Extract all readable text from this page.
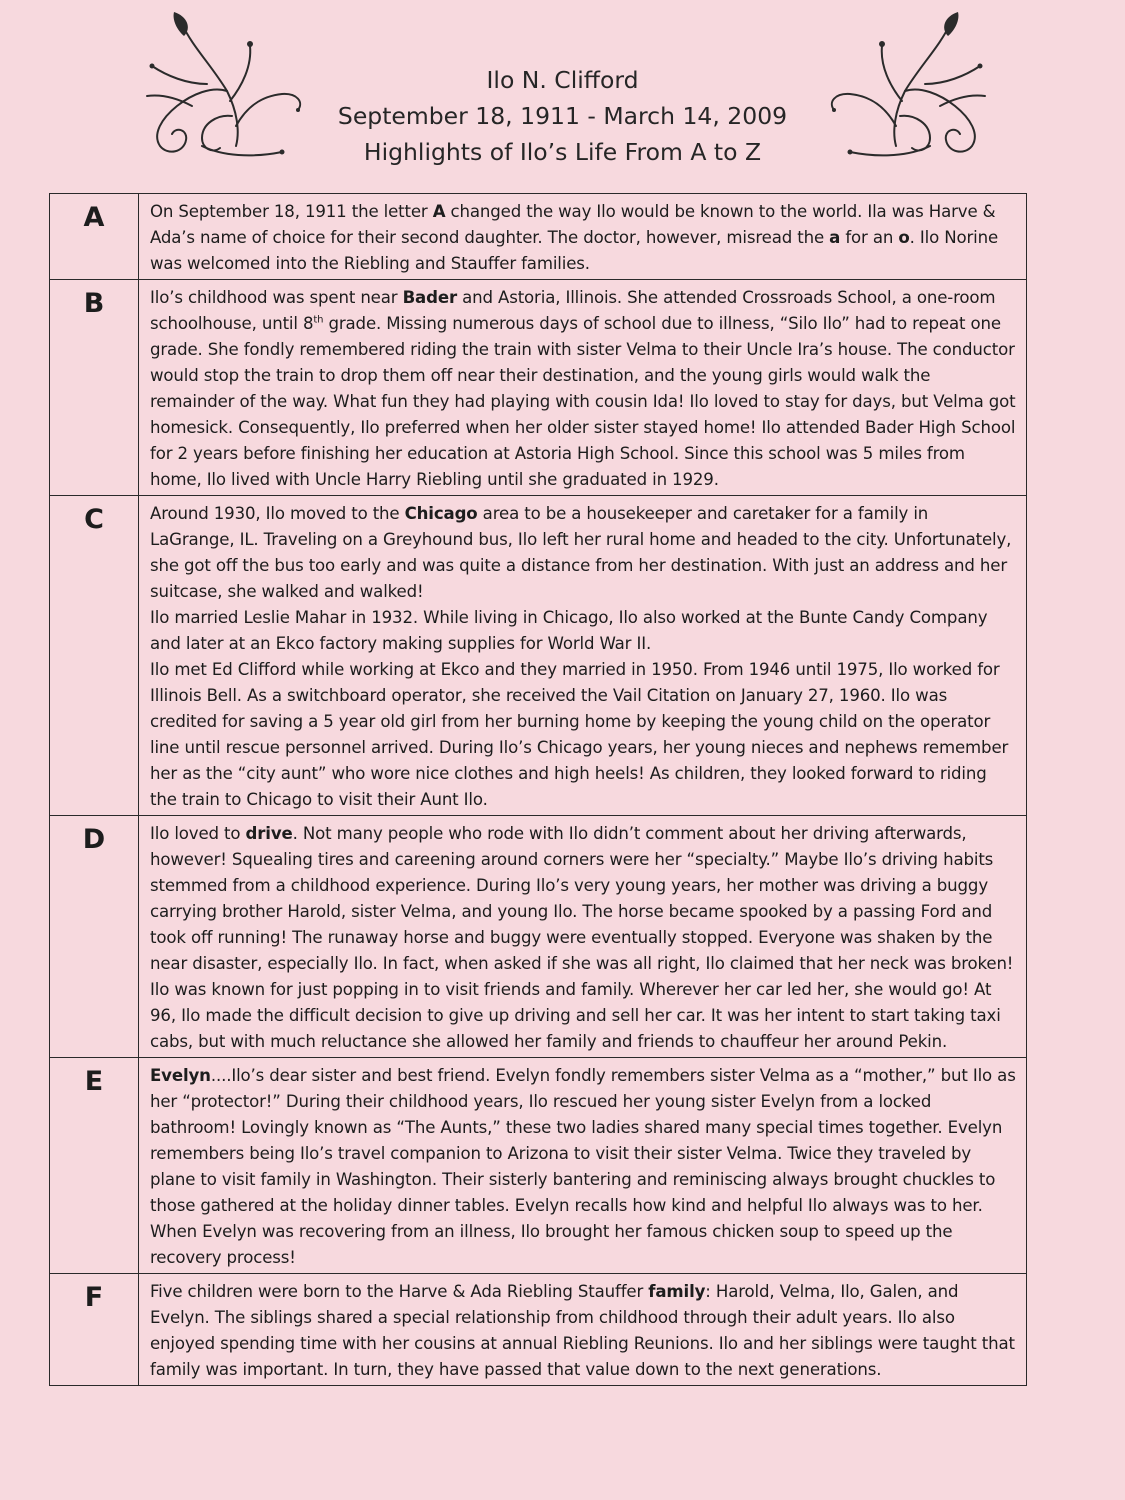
Ilo N. Clifford
September 18, 1911 - March 14, 2009
Highlights of Ilo’s Life From A to Z
A	On September 18, 1911 the letter A changed the way Ilo would be known to the world. Ila was Harve & Ada’s name of choice for their second daughter. The doctor, however, misread the a for an o. Ilo Norine was welcomed into the Riebling and Stauffer families.

B	Ilo’s childhood was spent near Bader and Astoria, Illinois. She attended Crossroads School, a one-room schoolhouse, until 8th grade. Missing numerous days of school due to illness, “Silo Ilo” had to repeat one grade. She fondly remembered riding the train with sister Velma to their Uncle Ira’s house. The conductor would stop the train to drop them off near their destination, and the young girls would walk the remainder of the way. What fun they had playing with cousin Ida! Ilo loved to stay for days, but Velma got homesick. Consequently, Ilo preferred when her older sister stayed home! Ilo attended Bader High School for 2 years before finishing her education at Astoria High School. Since this school was 5 miles from home, Ilo lived with Uncle Harry Riebling until she graduated in 1929.

C	Around 1930, Ilo moved to the Chicago area to be a housekeeper and caretaker for a family in LaGrange, IL. Traveling on a Greyhound bus, Ilo left her rural home and headed to the city. Unfortunately, she got off the bus too early and was quite a distance from her destination. With just an address and her suitcase, she walked and walked!

Ilo married Leslie Mahar in 1932. While living in Chicago, Ilo also worked at the Bunte Candy Company and later at an Ekco factory making supplies for World War II.

Ilo met Ed Clifford while working at Ekco and they married in 1950. From 1946 until 1975, Ilo worked for Illinois Bell. As a switchboard operator, she received the Vail Citation on January 27, 1960. Ilo was credited for saving a 5 year old girl from her burning home by keeping the young child on the operator line until rescue personnel arrived. During Ilo’s Chicago years, her young nieces and nephews remember her as the “city aunt” who wore nice clothes and high heels! As children, they looked forward to riding the train to Chicago to visit their Aunt Ilo.

D	Ilo loved to drive. Not many people who rode with Ilo didn’t comment about her driving afterwards, however! Squealing tires and careening around corners were her “specialty.” Maybe Ilo’s driving habits stemmed from a childhood experience. During Ilo’s very young years, her mother was driving a buggy carrying brother Harold, sister Velma, and young Ilo. The horse became spooked by a passing Ford and took off running! The runaway horse and buggy were eventually stopped. Everyone was shaken by the near disaster, especially Ilo. In fact, when asked if she was all right, Ilo claimed that her neck was broken!

Ilo was known for just popping in to visit friends and family. Wherever her car led her, she would go! At 96, Ilo made the difficult decision to give up driving and sell her car. It was her intent to start taking taxi cabs, but with much reluctance she allowed her family and friends to chauffeur her around Pekin.

E	Evelyn....Ilo’s dear sister and best friend. Evelyn fondly remembers sister Velma as a “mother,” but Ilo as her “protector!” During their childhood years, Ilo rescued her young sister Evelyn from a locked bathroom! Lovingly known as “The Aunts,” these two ladies shared many special times together. Evelyn remembers being Ilo’s travel companion to Arizona to visit their sister Velma. Twice they traveled by plane to visit family in Washington. Their sisterly bantering and reminiscing always brought chuckles to those gathered at the holiday dinner tables. Evelyn recalls how kind and helpful Ilo always was to her. When Evelyn was recovering from an illness, Ilo brought her famous chicken soup to speed up the recovery process!

F	Five children were born to the Harve & Ada Riebling Stauffer family: Harold, Velma, Ilo, Galen, and Evelyn. The siblings shared a special relationship from childhood through their adult years. Ilo also enjoyed spending time with her cousins at annual Riebling Reunions. Ilo and her siblings were taught that family was important. In turn, they have passed that value down to the next generations.
